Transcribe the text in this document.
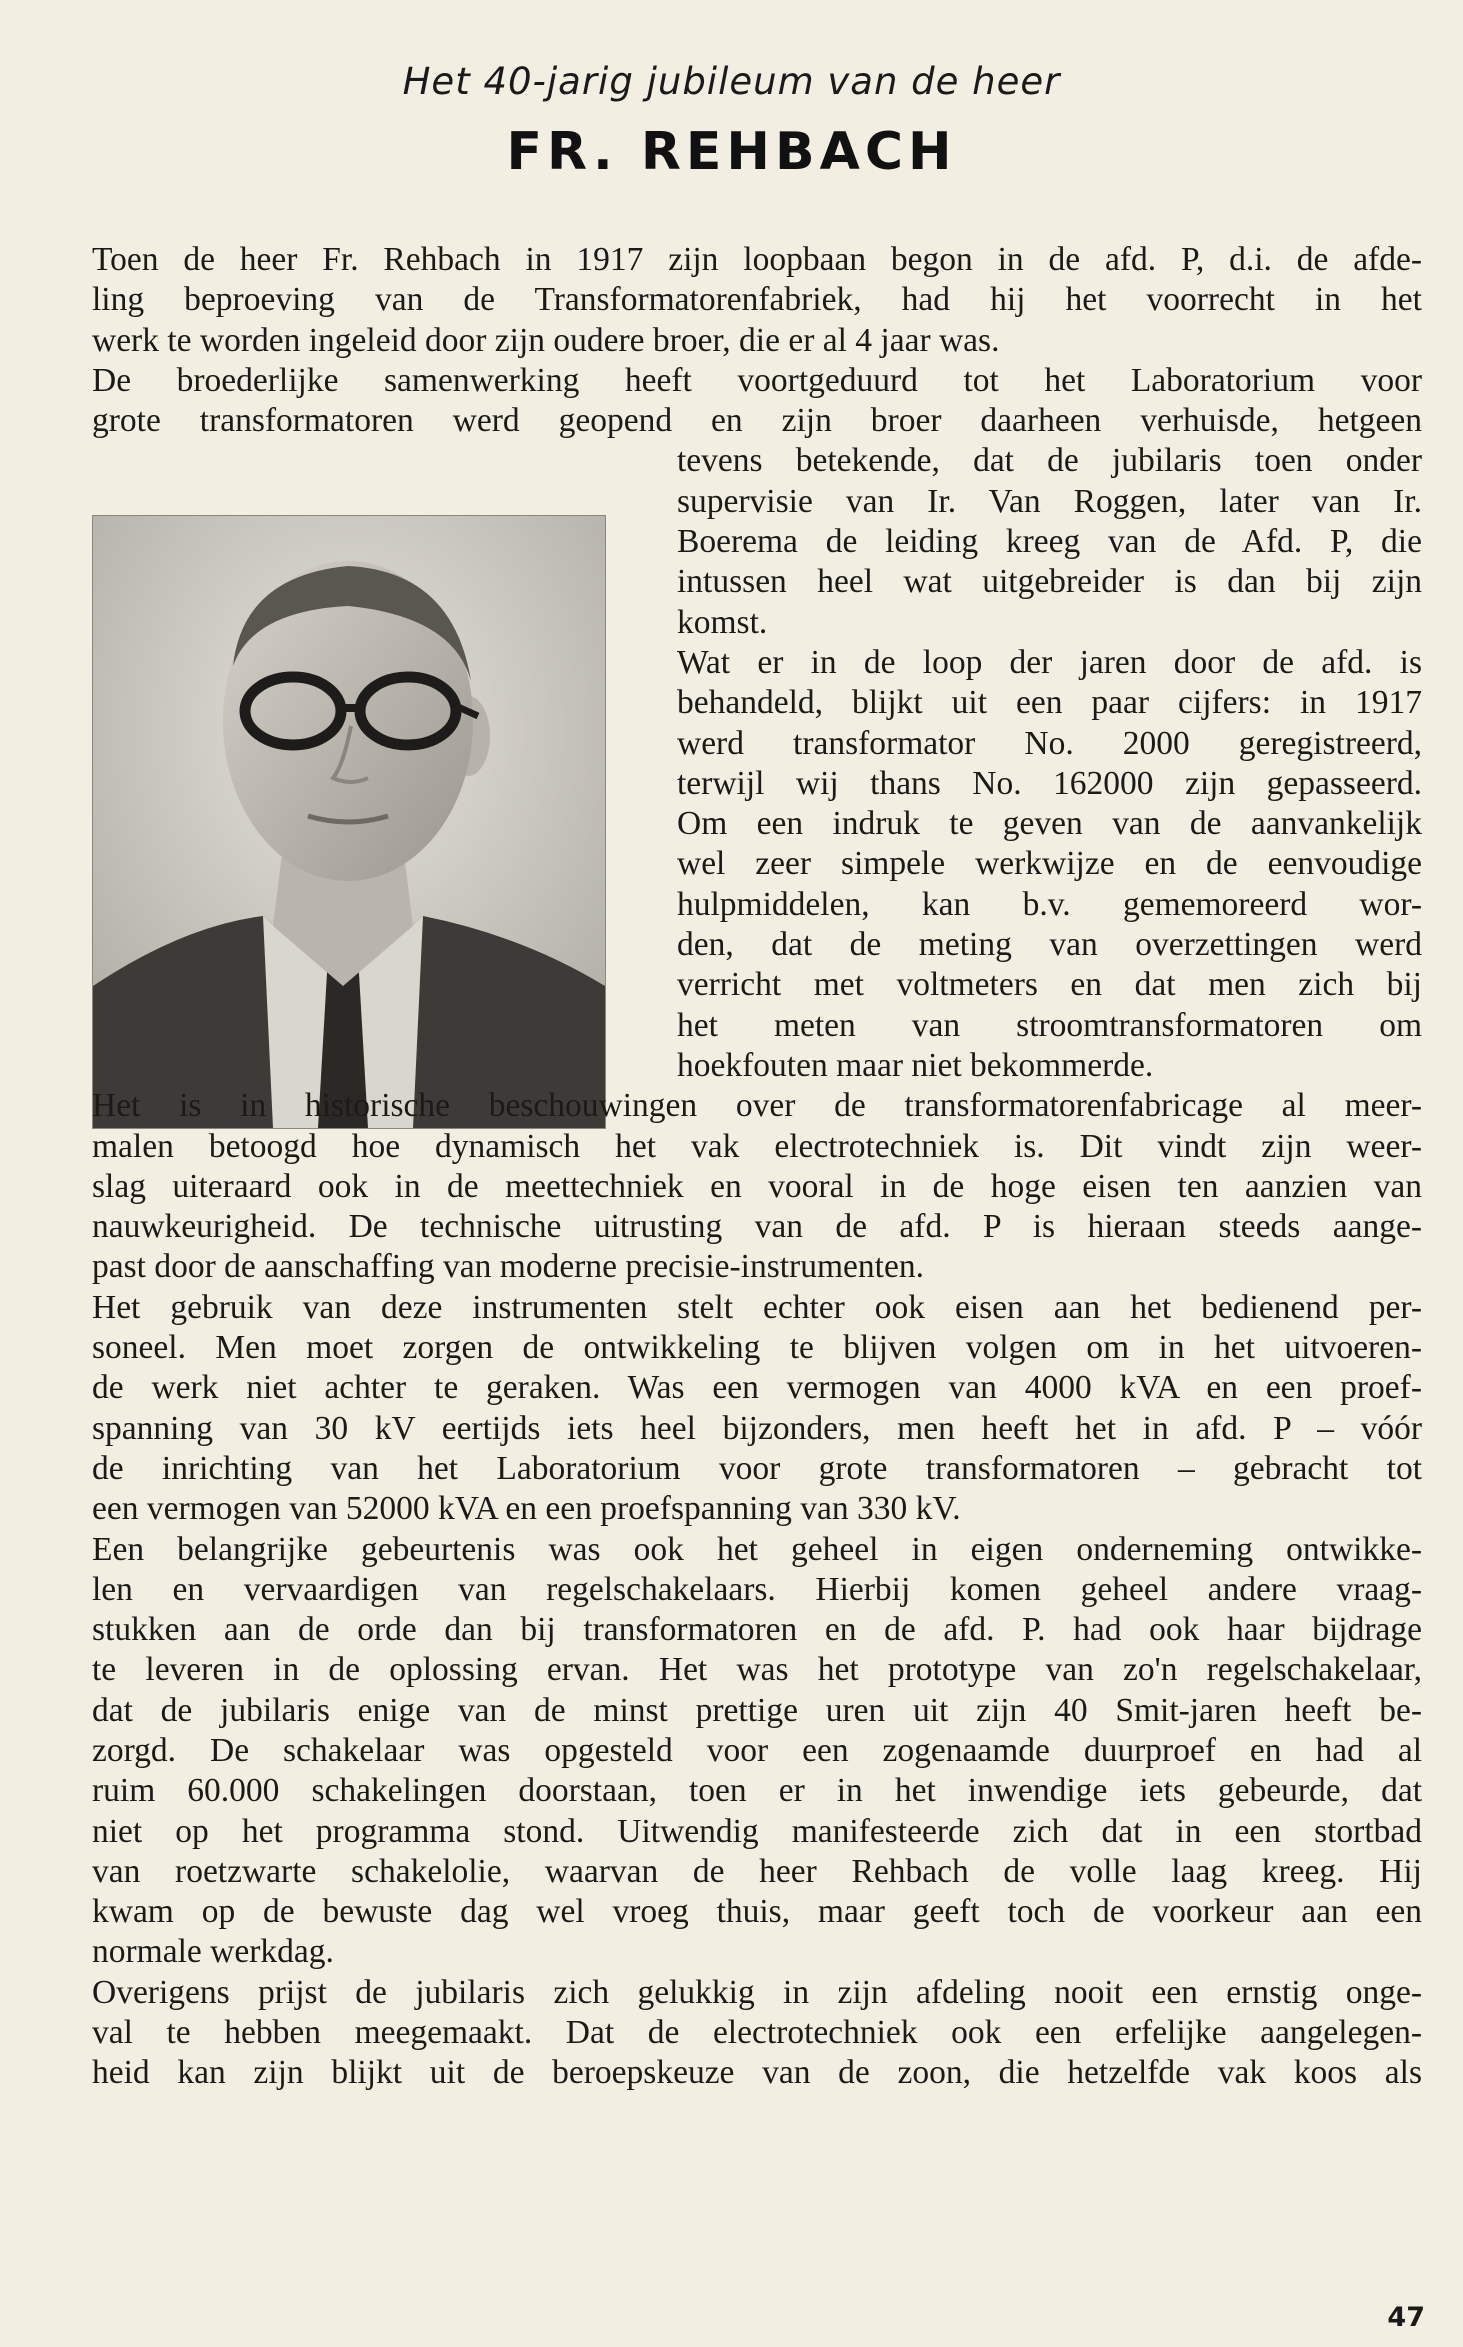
Het 40-jarig jubileum van de heer
FR. REHBACH
Toen de heer Fr. Rehbach in 1917 zijn loopbaan begon in de afd. P, d.i. de afde-
ling beproeving van de Transformatorenfabriek, had hij het voorrecht in het
werk te worden ingeleid door zijn oudere broer, die er al 4 jaar was.
De broederlijke samenwerking heeft voortgeduurd tot het Laboratorium voor
grote transformatoren werd geopend en zijn broer daarheen verhuisde, hetgeen
tevens betekende, dat de jubilaris toen onder
supervisie van Ir. Van Roggen, later van Ir.
Boerema de leiding kreeg van de Afd. P, die
intussen heel wat uitgebreider is dan bij zijn
komst.
Wat er in de loop der jaren door de afd. is
behandeld, blijkt uit een paar cijfers: in 1917
werd transformator No. 2000 geregistreerd,
terwijl wij thans No. 162000 zijn gepasseerd.
Om een indruk te geven van de aanvankelijk
wel zeer simpele werkwijze en de eenvoudige
hulpmiddelen, kan b.v. gememoreerd wor-
den, dat de meting van overzettingen werd
verricht met voltmeters en dat men zich bij
het meten van stroomtransformatoren om
hoekfouten maar niet bekommerde.
Het is in historische beschouwingen over de transformatorenfabricage al meer-
malen betoogd hoe dynamisch het vak electrotechniek is. Dit vindt zijn weer-
slag uiteraard ook in de meettechniek en vooral in de hoge eisen ten aanzien van
nauwkeurigheid. De technische uitrusting van de afd. P is hieraan steeds aange-
past door de aanschaffing van moderne precisie-instrumenten.
Het gebruik van deze instrumenten stelt echter ook eisen aan het bedienend per-
soneel. Men moet zorgen de ontwikkeling te blijven volgen om in het uitvoeren-
de werk niet achter te geraken. Was een vermogen van 4000 kVA en een proef-
spanning van 30 kV eertijds iets heel bijzonders, men heeft het in afd. P – vóór
de inrichting van het Laboratorium voor grote transformatoren – gebracht tot
een vermogen van 52000 kVA en een proefspanning van 330 kV.
Een belangrijke gebeurtenis was ook het geheel in eigen onderneming ontwikke-
len en vervaardigen van regelschakelaars. Hierbij komen geheel andere vraag-
stukken aan de orde dan bij transformatoren en de afd. P. had ook haar bijdrage
te leveren in de oplossing ervan. Het was het prototype van zo'n regelschakelaar,
dat de jubilaris enige van de minst prettige uren uit zijn 40 Smit-jaren heeft be-
zorgd. De schakelaar was opgesteld voor een zogenaamde duurproef en had al
ruim 60.000 schakelingen doorstaan, toen er in het inwendige iets gebeurde, dat
niet op het programma stond. Uitwendig manifesteerde zich dat in een stortbad
van roetzwarte schakelolie, waarvan de heer Rehbach de volle laag kreeg. Hij
kwam op de bewuste dag wel vroeg thuis, maar geeft toch de voorkeur aan een
normale werkdag.
Overigens prijst de jubilaris zich gelukkig in zijn afdeling nooit een ernstig onge-
val te hebben meegemaakt. Dat de electrotechniek ook een erfelijke aangelegen-
heid kan zijn blijkt uit de beroepskeuze van de zoon, die hetzelfde vak koos als
47
